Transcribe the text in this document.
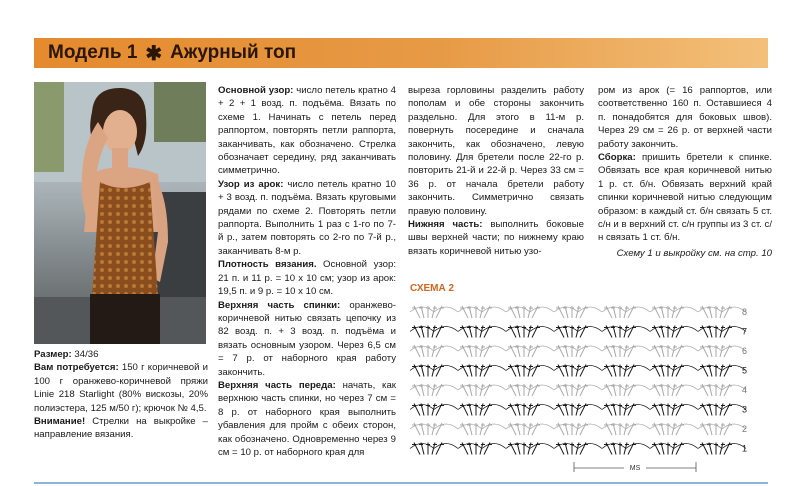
Модель 1 ✱ Ажурный топ

Размер: 34/36

Вам потребуется: 150 г коричневой и 100 г оранжево-коричневой пряжи Linie 218 Starlight (80% вискозы, 20% полиэстера, 125 м/50 г); крючок № 4,5.

Внимание! Стрелки на выкройке – направление вязания.

Основной узор: число петель кратно 4 + 2 + 1 возд. п. подъёма. Вязать по схеме 1. Начинать с петель перед раппортом, повторять петли раппорта, заканчивать, как обозначено. Стрелка обозначает середину, ряд заканчивать симметрично.

Узор из арок: число петель кратно 10 + 3 возд. п. подъёма. Вязать круговыми рядами по схеме 2. Повторять петли раппорта. Выполнить 1 раз с 1-го по 7-й р., затем повторять со 2-го по 7-й р., заканчивать 8-м р.

Плотность вязания. Основной узор: 21 п. и 11 р. = 10 х 10 см; узор из арок: 19,5 п. и 9 р. = 10 х 10 см.

Верхняя часть спинки: оранжево-коричневой нитью связать цепочку из 82 возд. п. + 3 возд. п. подъёма и вязать основным узором. Через 6,5 см = 7 р. от наборного края работу закончить.

Верхняя часть переда: начать, как верхнюю часть спинки, но через 7 см = 8 р. от наборного края выполнить убавления для пройм с обеих сторон, как обозначено. Одновременно через 9 см = 10 р. от наборного края для

выреза горловины разделить работу пополам и обе стороны закончить раздельно. Для этого в 11-м р. повернуть посередине и сначала закончить, как обозначено, левую половину. Для бретели после 22-го р. повторить 21-й и 22-й р. Через 33 см = 36 р. от начала бретели работу закончить. Симметрично связать правую половину.

Нижняя часть: выполнить боковые швы верхней части; по нижнему краю вязать коричневой нитью узо-

ром из арок (= 16 раппортов, или соответственно 160 п. Оставшиеся 4 п. понадобятся для боковых швов). Через 29 см = 26 р. от верхней части работу закончить.

Сборка: пришить бретели к спинке. Обвязать все края коричневой нитью 1 р. ст. б/н. Обвязать верхний край спинки коричневой нитью следующим образом: в каждый ст. б/н связать 5 ст. с/н и в верхний ст. с/н группы из 3 ст. с/н связать 1 ст. б/н.

Схему 1 и выкройку см. на стр. 10

СХЕМА 2
8
7
6
5
4
3
2
1
MS
